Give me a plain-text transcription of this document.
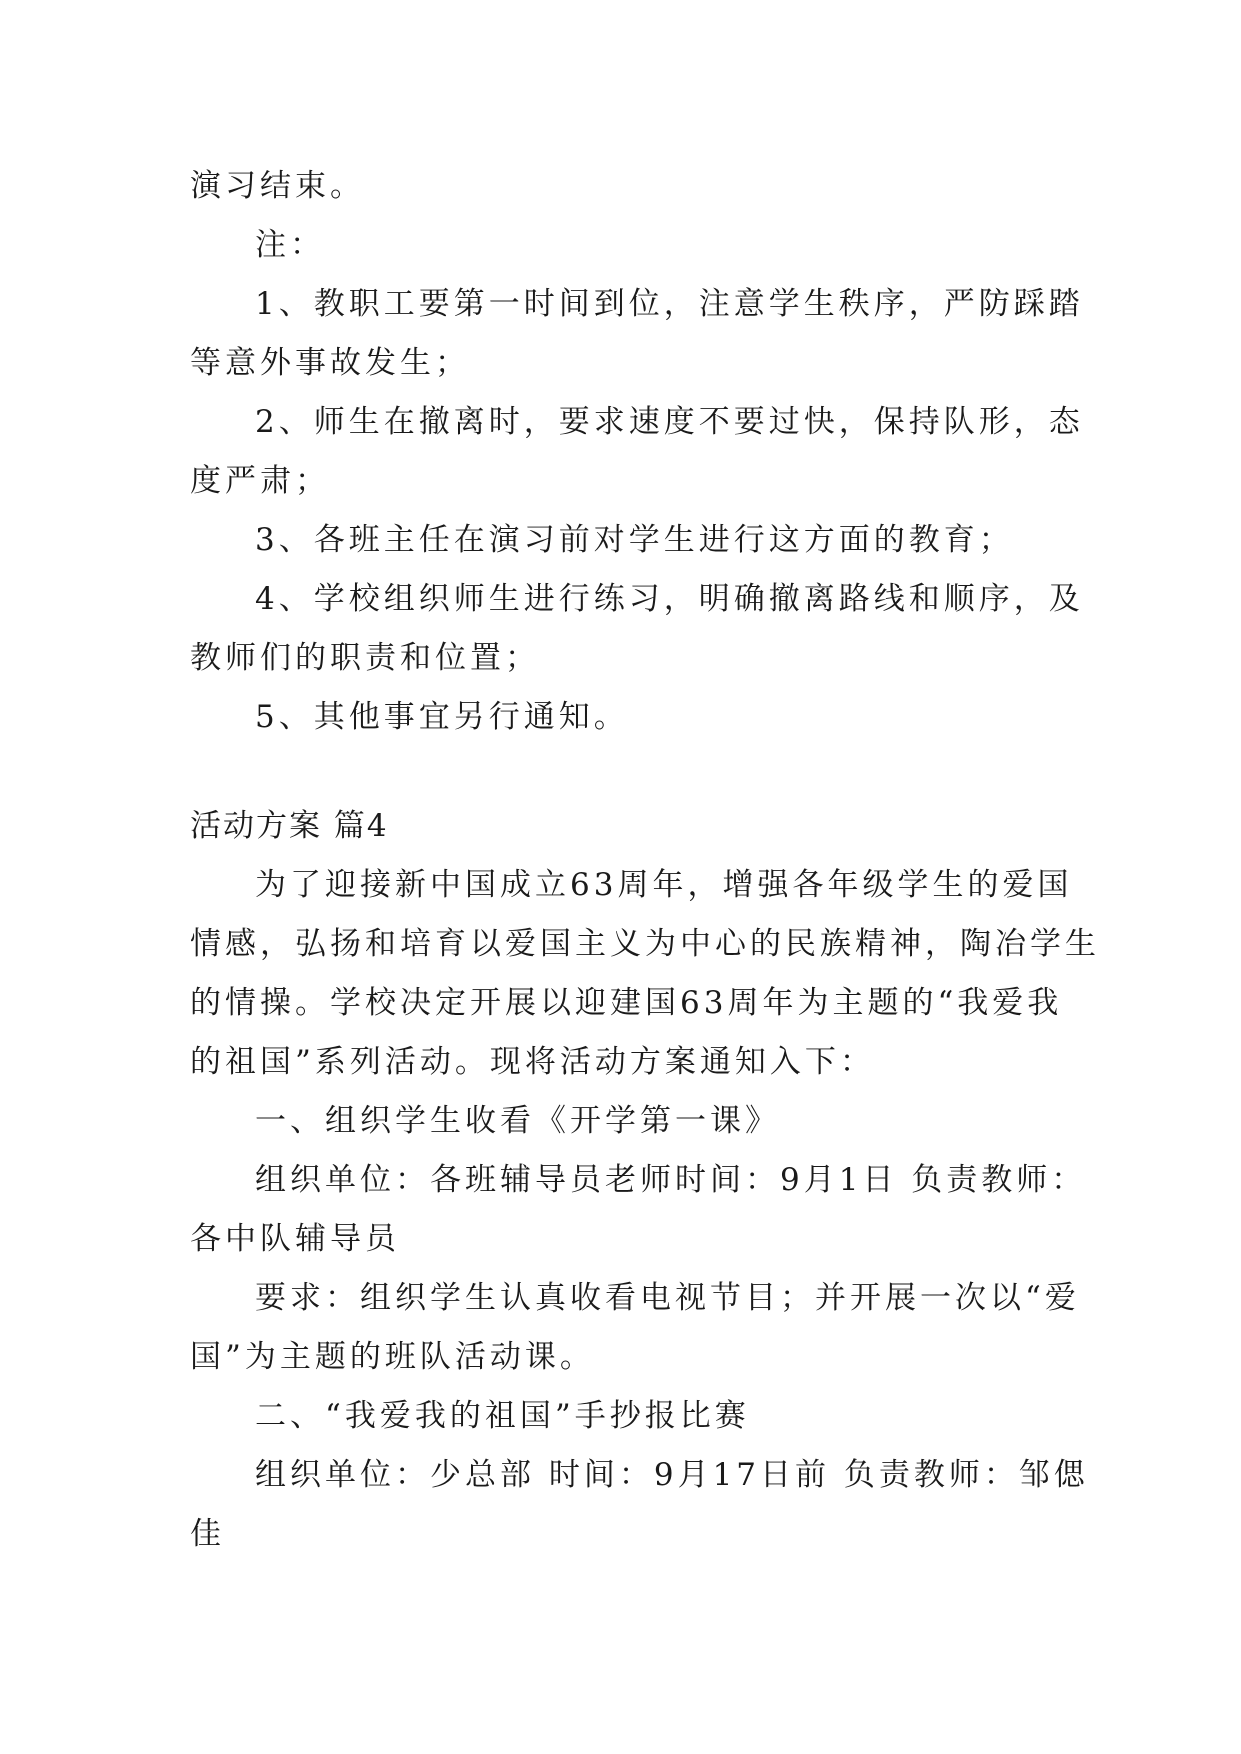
演习结束。
注：
1、教职工要第一时间到位，注意学生秩序，严防踩踏
等意外事故发生；
2、师生在撤离时，要求速度不要过快，保持队形，态
度严肃；
3、各班主任在演习前对学生进行这方面的教育；
4、学校组织师生进行练习，明确撤离路线和顺序，及
教师们的职责和位置；
5、其他事宜另行通知。
活动方案 篇4
为了迎接新中国成立63周年，增强各年级学生的爱国
情感，弘扬和培育以爱国主义为中心的民族精神，陶冶学生
的情操。学校决定开展以迎建国63周年为主题的“我爱我
的祖国”系列活动。现将活动方案通知入下：
一、组织学生收看《开学第一课》
组织单位：各班辅导员老师时间：9月1日 负责教师：
各中队辅导员
要求：组织学生认真收看电视节目；并开展一次以“爱
国”为主题的班队活动课。
二、“我爱我的祖国”手抄报比赛
组织单位：少总部 时间：9月17日前 负责教师：邹偲
佳
